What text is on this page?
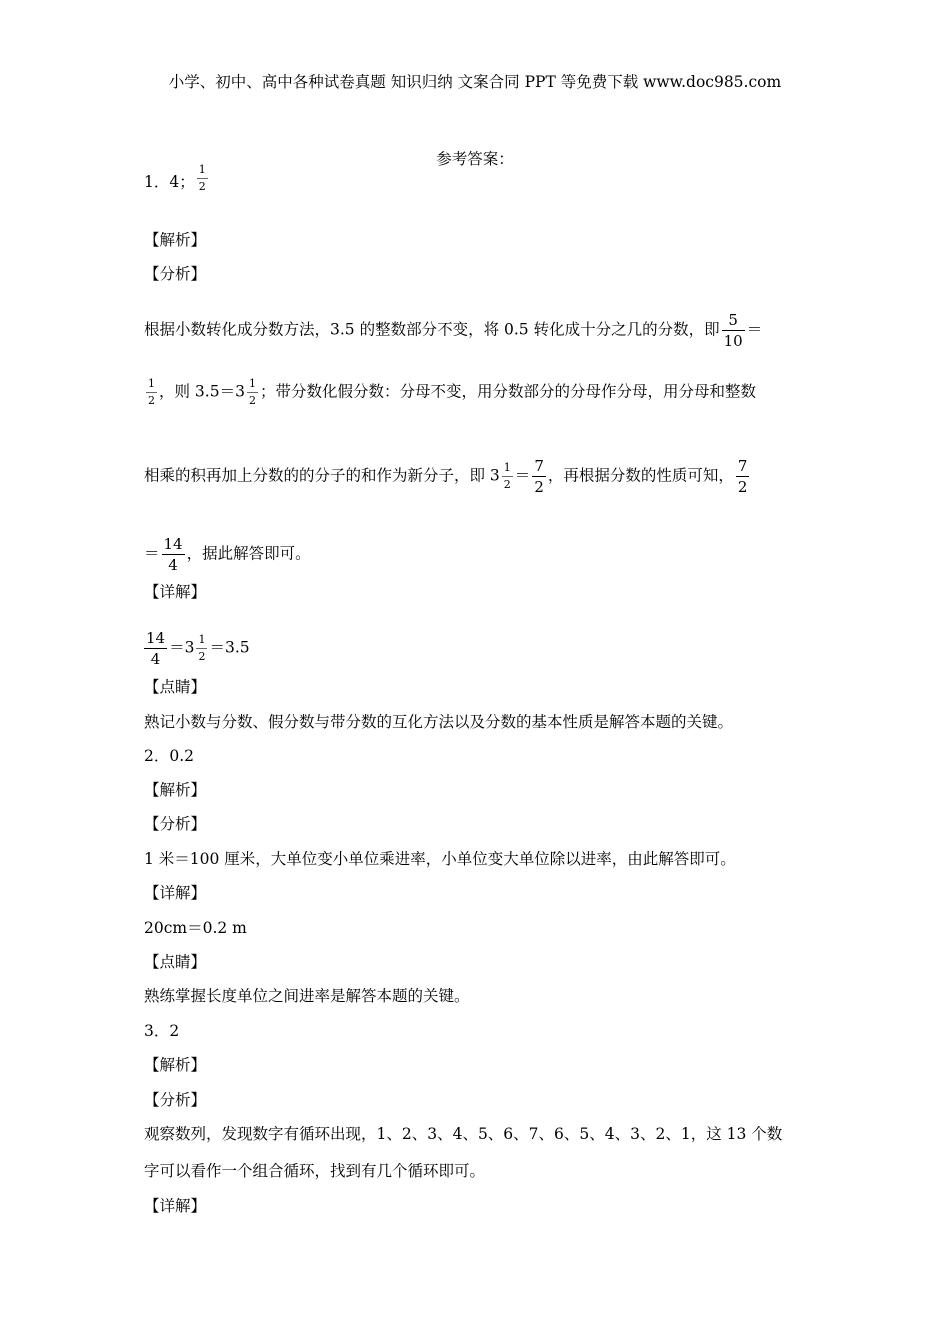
小学、初中、高中各种试卷真题 知识归纳 文案合同 PPT 等免费下载 www.doc985.com
参考答案：
1．4； $\frac{1}{2}$
【解析】
【分析】
根据小数转化成分数方法，3.5 的整数部分不变，将 0.5 转化成十分之几的分数，即 $\frac{5}{10}$ ＝
$\frac{1}{2}$ ，则 $3.5=3 \frac{1}{2}$ ；带分数化假分数：分母不变，用分数部分的分母作分母，用分母和整数
相乘的积再加上分数的的分子的和作为新分子，即 $3 \frac{1}{2} = \frac{7}{2}$ ，再根据分数的性质可知， $\frac{7}{2}$
＝ $\frac{14}{4}$ ，据此解答即可。
【详解】
$\frac{14}{4} =3 \frac{1}{2} =3.5$
【点睛】
熟记小数与分数、假分数与带分数的互化方法以及分数的基本性质是解答本题的关键。
2．0.2
【解析】
【分析】
1 米＝100 厘米，大单位变小单位乘进率，小单位变大单位除以进率，由此解答即可。
【详解】
20cm＝0.2 m
【点睛】
熟练掌握长度单位之间进率是解答本题的关键。
3．2
【解析】
【分析】
观察数列，发现数字有循环出现，1、2、3、4、5、6、7、6、5、4、3、2、1，这 13 个数
字可以看作一个组合循环，找到有几个循环即可。
【详解】
